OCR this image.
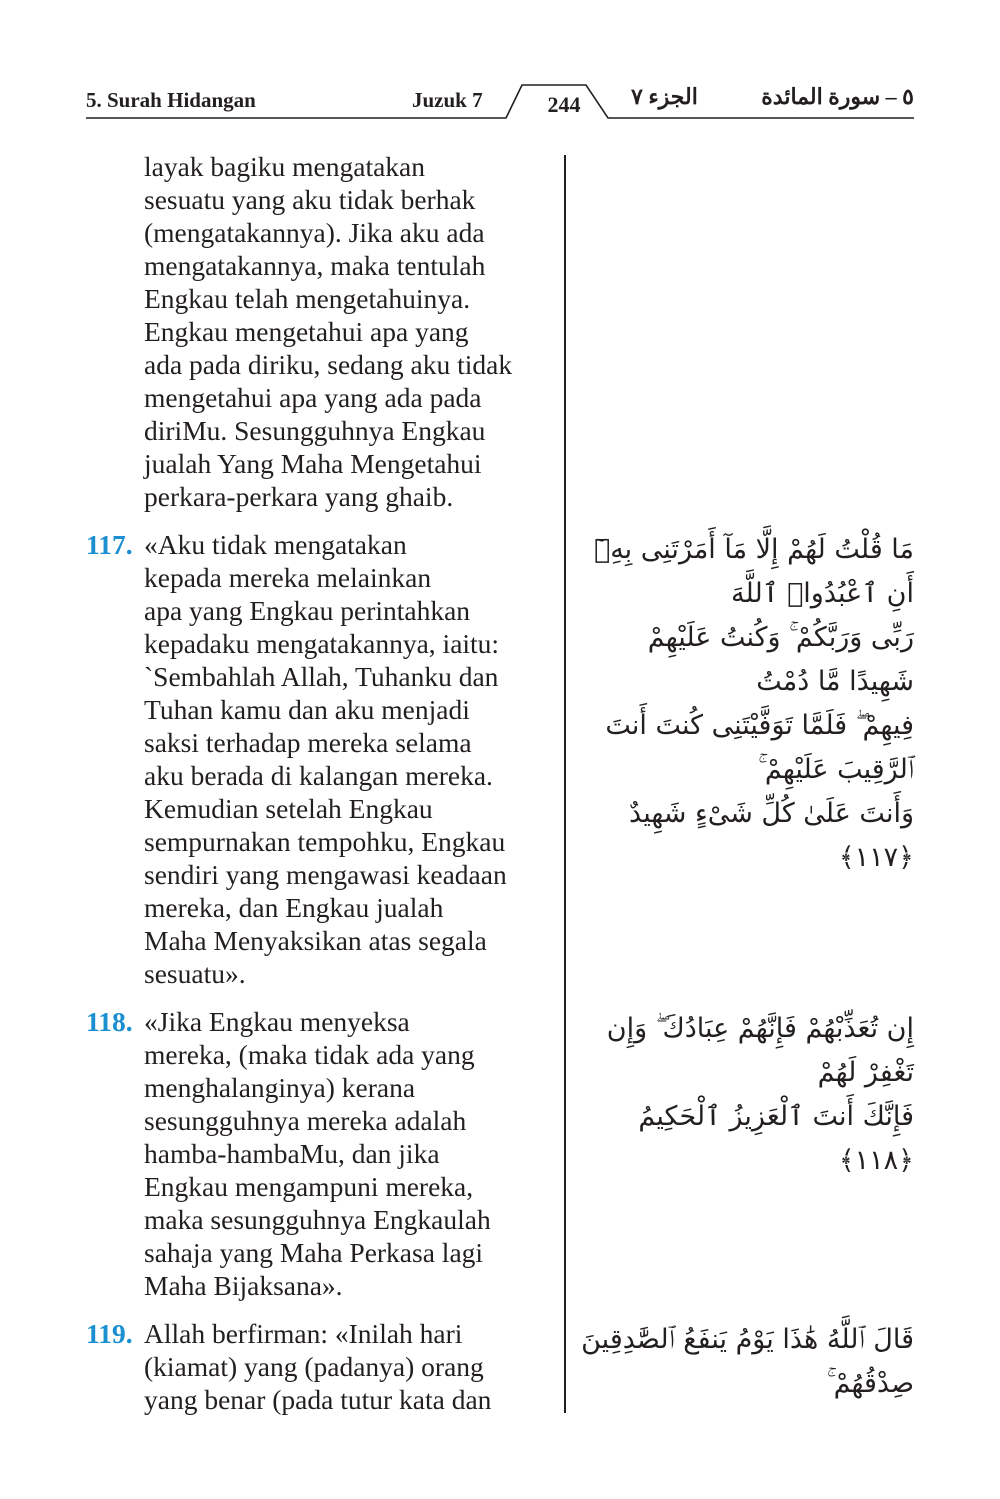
5. Surah Hidangan	Juzuk 7	244	الجزء ٧	٥ – سورة المائدة
layak bagiku mengatakan
sesuatu yang aku tidak berhak
(mengatakannya). Jika aku ada
mengatakannya, maka tentulah
Engkau telah mengetahuinya.
Engkau mengetahui apa yang
ada pada diriku, sedang aku tidak
mengetahui apa yang ada pada
diriMu. Sesungguhnya Engkau
jualah Yang Maha Mengetahui
perkara-perkara yang ghaib.
117. «Aku tidak mengatakan
kepada mereka melainkan
apa yang Engkau perintahkan
kepadaku mengatakannya, iaitu:
`Sembahlah Allah, Tuhanku dan
Tuhan kamu dan aku menjadi
saksi terhadap mereka selama
aku berada di kalangan mereka.
Kemudian setelah Engkau
sempurnakan tempohku, Engkau
sendiri yang mengawasi keadaan
mereka, dan Engkau jualah
Maha Menyaksikan atas segala
sesuatu».
118. «Jika Engkau menyeksa
mereka, (maka tidak ada yang
menghalanginya) kerana
sesungguhnya mereka adalah
hamba-hambaMu, dan jika
Engkau mengampuni mereka,
maka sesungguhnya Engkaulah
sahaja yang Maha Perkasa lagi
Maha Bijaksana».
119. Allah berfirman: «Inilah hari
(kiamat) yang (padanya) orang
yang benar (pada tutur kata dan
مَا قُلْتُ لَهُمْ إِلَّا مَآ أَمَرْتَنِى بِهِۦٓ أَنِ ٱعْبُدُوا۟ ٱللَّهَ
رَبِّى وَرَبَّكُمْ ۚ وَكُنتُ عَلَيْهِمْ شَهِيدًا مَّا دُمْتُ
فِيهِمْ ۖ فَلَمَّا تَوَفَّيْتَنِى كُنتَ أَنتَ ٱلرَّقِيبَ عَلَيْهِمْ ۚ
وَأَنتَ عَلَىٰ كُلِّ شَىْءٍ شَهِيدٌ ﴿١١٧﴾
إِن تُعَذِّبْهُمْ فَإِنَّهُمْ عِبَادُكَ ۖ وَإِن تَغْفِرْ لَهُمْ
فَإِنَّكَ أَنتَ ٱلْعَزِيزُ ٱلْحَكِيمُ ﴿١١٨﴾
قَالَ ٱللَّهُ هَٰذَا يَوْمُ يَنفَعُ ٱلصَّٰدِقِينَ صِدْقُهُمْ ۚ
